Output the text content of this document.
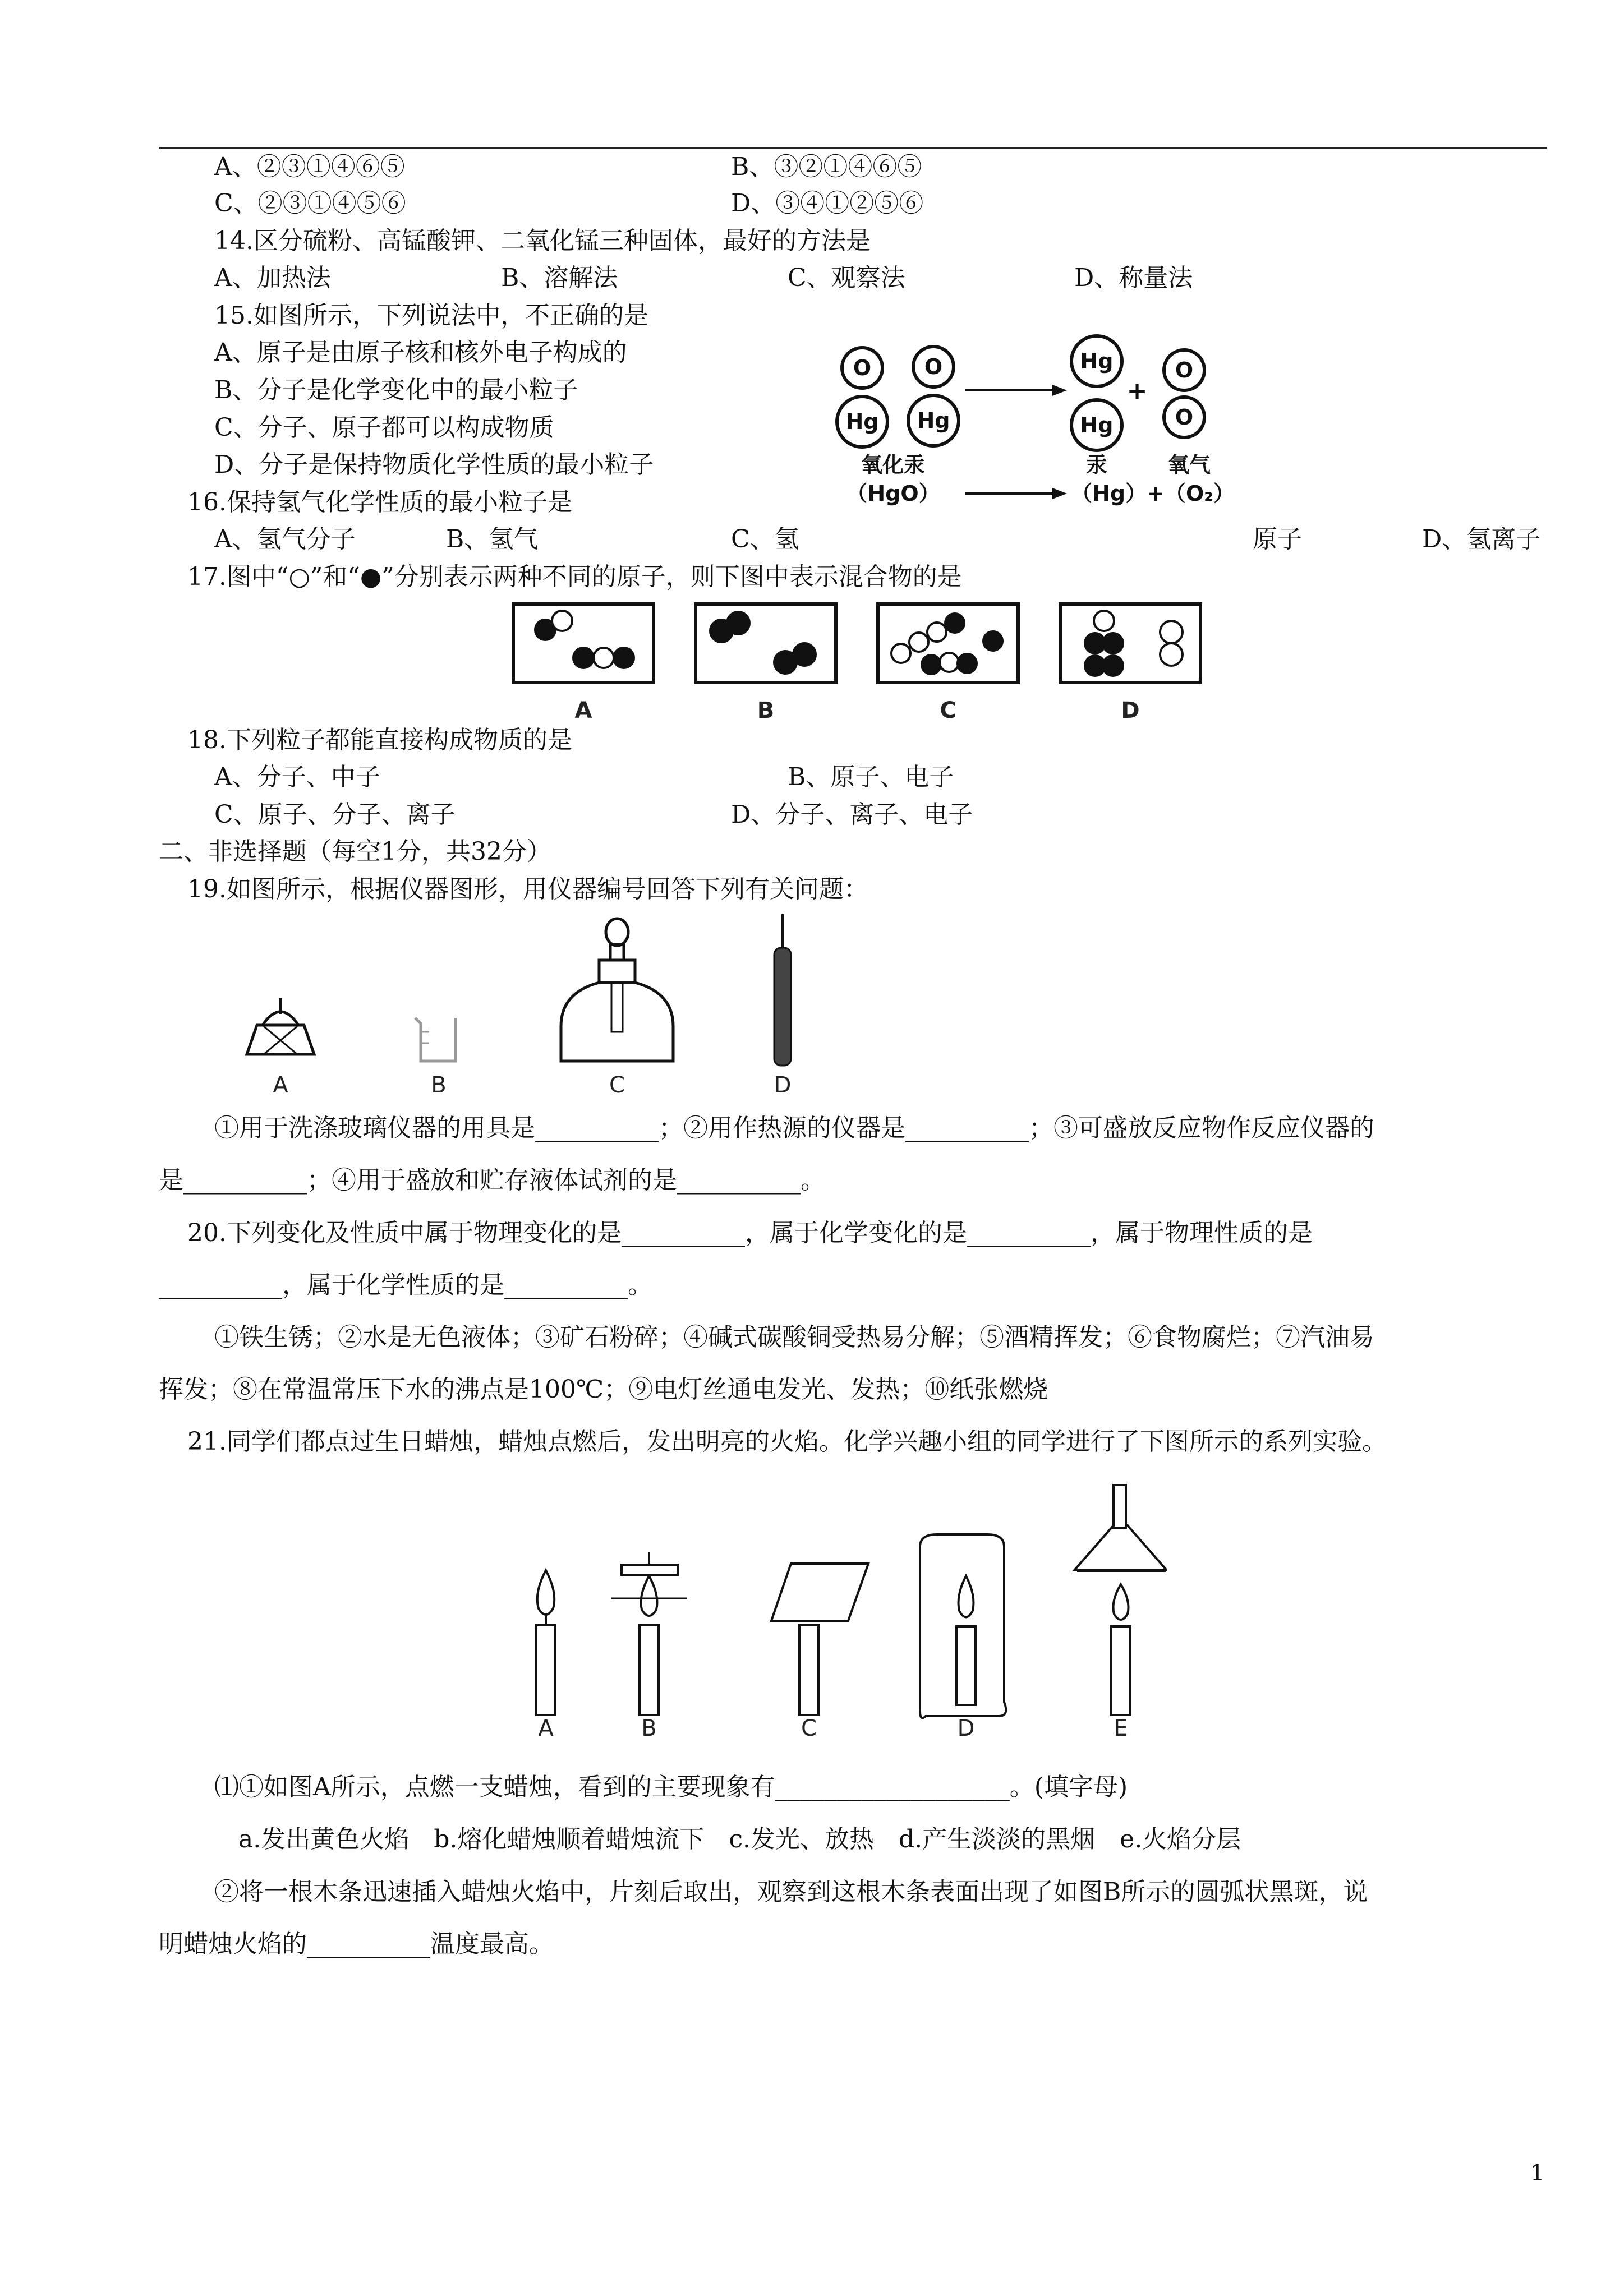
A、②③①④⑥⑤	B、③②①④⑥⑤
C、②③①④⑤⑥	D、③④①②⑤⑥
14.区分硫粉、高锰酸钾、二氧化锰三种固体，最好的方法是
A、加热法	B、溶解法	C、观察法	D、称量法
15.如图所示，下列说法中，不正确的是
A、原子是由原子核和核外电子构成的
B、分子是化学变化中的最小粒子
C、分子、原子都可以构成物质
D、分子是保持物质化学性质的最小粒子
O
Hg
O
Hg
Hg
Hg
O
O
+
氧化汞	汞	氧气
（HgO）	（Hg）+（O₂）
16.保持氢气化学性质的最小粒子是
A、氢气分子	B、氢气	C、氢	原子	D、氢离子
17.图中“○”和“●”分别表示两种不同的原子，则下图中表示混合物的是
A	B	C	D
18.下列粒子都能直接构成物质的是
A、分子、中子	B、原子、电子
C、原子、分子、离子	D、分子、离子、电子
二、非选择题（每空1分，共32分）
19.如图所示，根据仪器图形，用仪器编号回答下列有关问题：
A	B	C	D
①用于洗涤玻璃仪器的用具是__________；②用作热源的仪器是__________；③可盛放反应物作反应仪器的
是__________；④用于盛放和贮存液体试剂的是__________。
20.下列变化及性质中属于物理变化的是__________，属于化学变化的是__________，属于物理性质的是
__________，属于化学性质的是__________。
①铁生锈；②水是无色液体；③矿石粉碎；④碱式碳酸铜受热易分解；⑤酒精挥发；⑥食物腐烂；⑦汽油易
挥发；⑧在常温常压下水的沸点是100℃；⑨电灯丝通电发光、发热；⑩纸张燃烧
21.同学们都点过生日蜡烛，蜡烛点燃后，发出明亮的火焰。化学兴趣小组的同学进行了下图所示的系列实验。
A	B	C	D	E
⑴①如图A所示，点燃一支蜡烛，看到的主要现象有___________________。(填字母)
a.发出黄色火焰　b.熔化蜡烛顺着蜡烛流下　c.发光、放热　d.产生淡淡的黑烟　e.火焰分层
②将一根木条迅速插入蜡烛火焰中，片刻后取出，观察到这根木条表面出现了如图B所示的圆弧状黑斑，说
明蜡烛火焰的__________温度最高。
1
